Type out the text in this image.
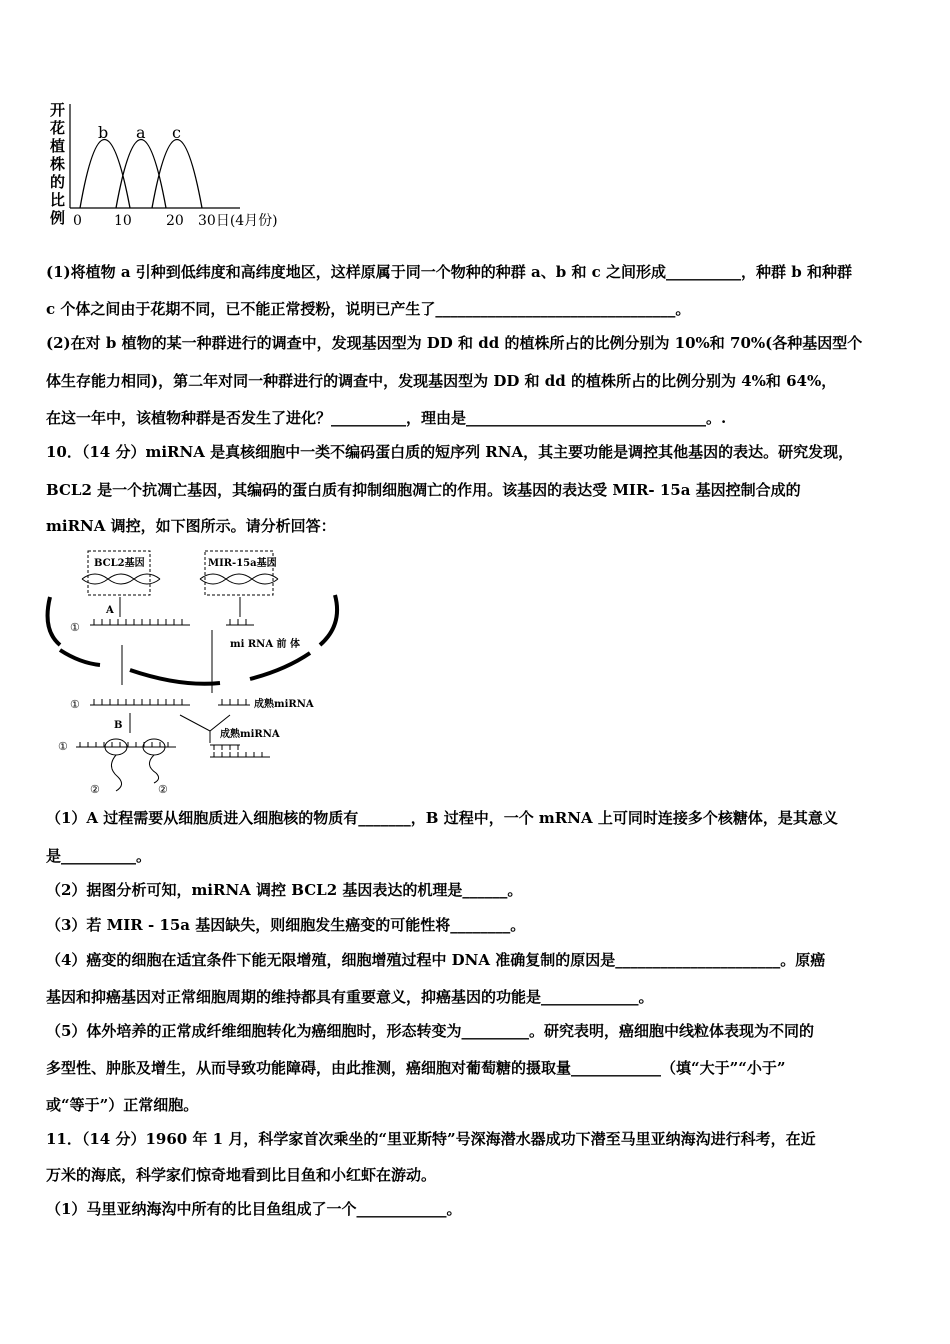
开
花
植
株
的
比
例
b a c
0 10 20 30日(4月份)
(1)将植物 a 引种到低纬度和高纬度地区，这样原属于同一个物种的种群 a、b 和 c 之间形成__________，种群 b 和种群
c 个体之间由于花期不同，已不能正常授粉，说明已产生了________________________________。
(2)在对 b 植物的某一种群进行的调查中，发现基因型为 DD 和 dd 的植株所占的比例分别为 10%和 70%(各种基因型个
体生存能力相同)，第二年对同一种群进行的调查中，发现基因型为 DD 和 dd 的植株所占的比例分别为 4%和 64%，
在这一年中，该植物种群是否发生了进化？__________，理由是________________________________。.
10．（14 分）miRNA 是真核细胞中一类不编码蛋白质的短序列 RNA，其主要功能是调控其他基因的表达。研究发现，
BCL2 是一个抗凋亡基因，其编码的蛋白质有抑制细胞凋亡的作用。该基因的表达受 MIR- 15a 基因控制合成的
miRNA 调控，如下图所示。请分析回答：
BCL2基因	MIR-15a基因
A
①
mi RNA 前 体
①	成熟miRNA
B
成熟miRNA
①
②	②
（1）A 过程需要从细胞质进入细胞核的物质有_______，B 过程中，一个 mRNA 上可同时连接多个核糖体，是其意义
是__________。
（2）据图分析可知，miRNA 调控 BCL2 基因表达的机理是______。
（3）若 MIR - 15a 基因缺失，则细胞发生癌变的可能性将________。
（4）癌变的细胞在适宜条件下能无限增殖，细胞增殖过程中 DNA 准确复制的原因是______________________。原癌
基因和抑癌基因对正常细胞周期的维持都具有重要意义，抑癌基因的功能是_____________。
（5）体外培养的正常成纤维细胞转化为癌细胞时，形态转变为_________。研究表明，癌细胞中线粒体表现为不同的
多型性、肿胀及增生，从而导致功能障碍，由此推测，癌细胞对葡萄糖的摄取量____________（填“大于”“小于”
或“等于”）正常细胞。
11．（14 分）1960 年 1 月，科学家首次乘坐的“里亚斯特”号深海潜水器成功下潜至马里亚纳海沟进行科考，在近
万米的海底，科学家们惊奇地看到比目鱼和小红虾在游动。
（1）马里亚纳海沟中所有的比目鱼组成了一个____________。
